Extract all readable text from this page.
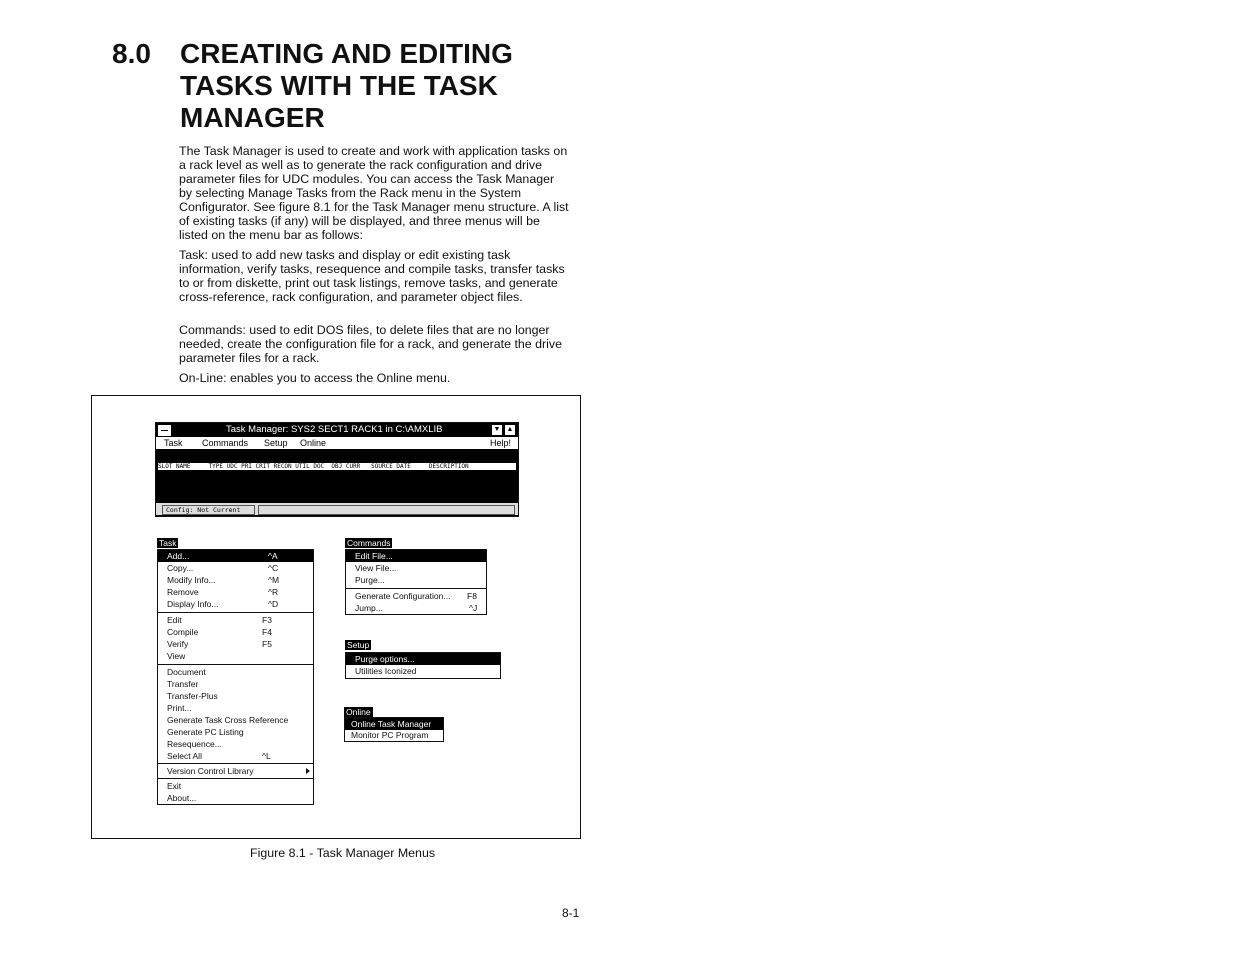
8.0 CREATING AND EDITING TASKS WITH THE TASK MANAGER

The Task Manager is used to create and work with application tasks on a rack level as well as to generate the rack configuration and drive parameter files for UDC modules. You can access the Task Manager by selecting Manage Tasks from the Rack menu in the System Configurator. See figure 8.1 for the Task Manager menu structure. A list of existing tasks (if any) will be displayed, and three menus will be listed on the menu bar as follows:

Task: used to add new tasks and display or edit existing task information, verify tasks, resequence and compile tasks, transfer tasks to or from diskette, print out task listings, remove tasks, and generate cross-reference, rack configuration, and parameter object files.

Commands: used to edit DOS files, to delete files that are no longer needed, create the configuration file for a rack, and generate the drive parameter files for a rack.

On-Line: enables you to access the Online menu.

Task Manager: SYS2 SECT1 RACK1 in C:\AMXLIB	▼ ▲
Task Commands Setup Online	Help!
SLOT NAME     TYPE UDC PRI CRIT RECON UTIL DOC  OBJ CURR   SOURCE DATE     DESCRIPTION
Config: Not Current
Task
Add...	^A
Copy...	^C
Modify Info...	^M
Remove	^R
Display Info...	^D
Edit	F3
Compile	F4
Verify	F5
View
Document
Transfer
Transfer-Plus
Print...
Generate Task Cross Reference
Generate PC Listing
Resequence...
Select All	^L
Version Control Library
Exit
About...
Commands
Edit File...
View File...
Purge...
Generate Configuration... F8
Jump...	^J
Setup
Purge options...
Utilities Iconized
Online
Online Task Manager
Monitor PC Program
Figure 8.1 - Task Manager Menus
8-1
